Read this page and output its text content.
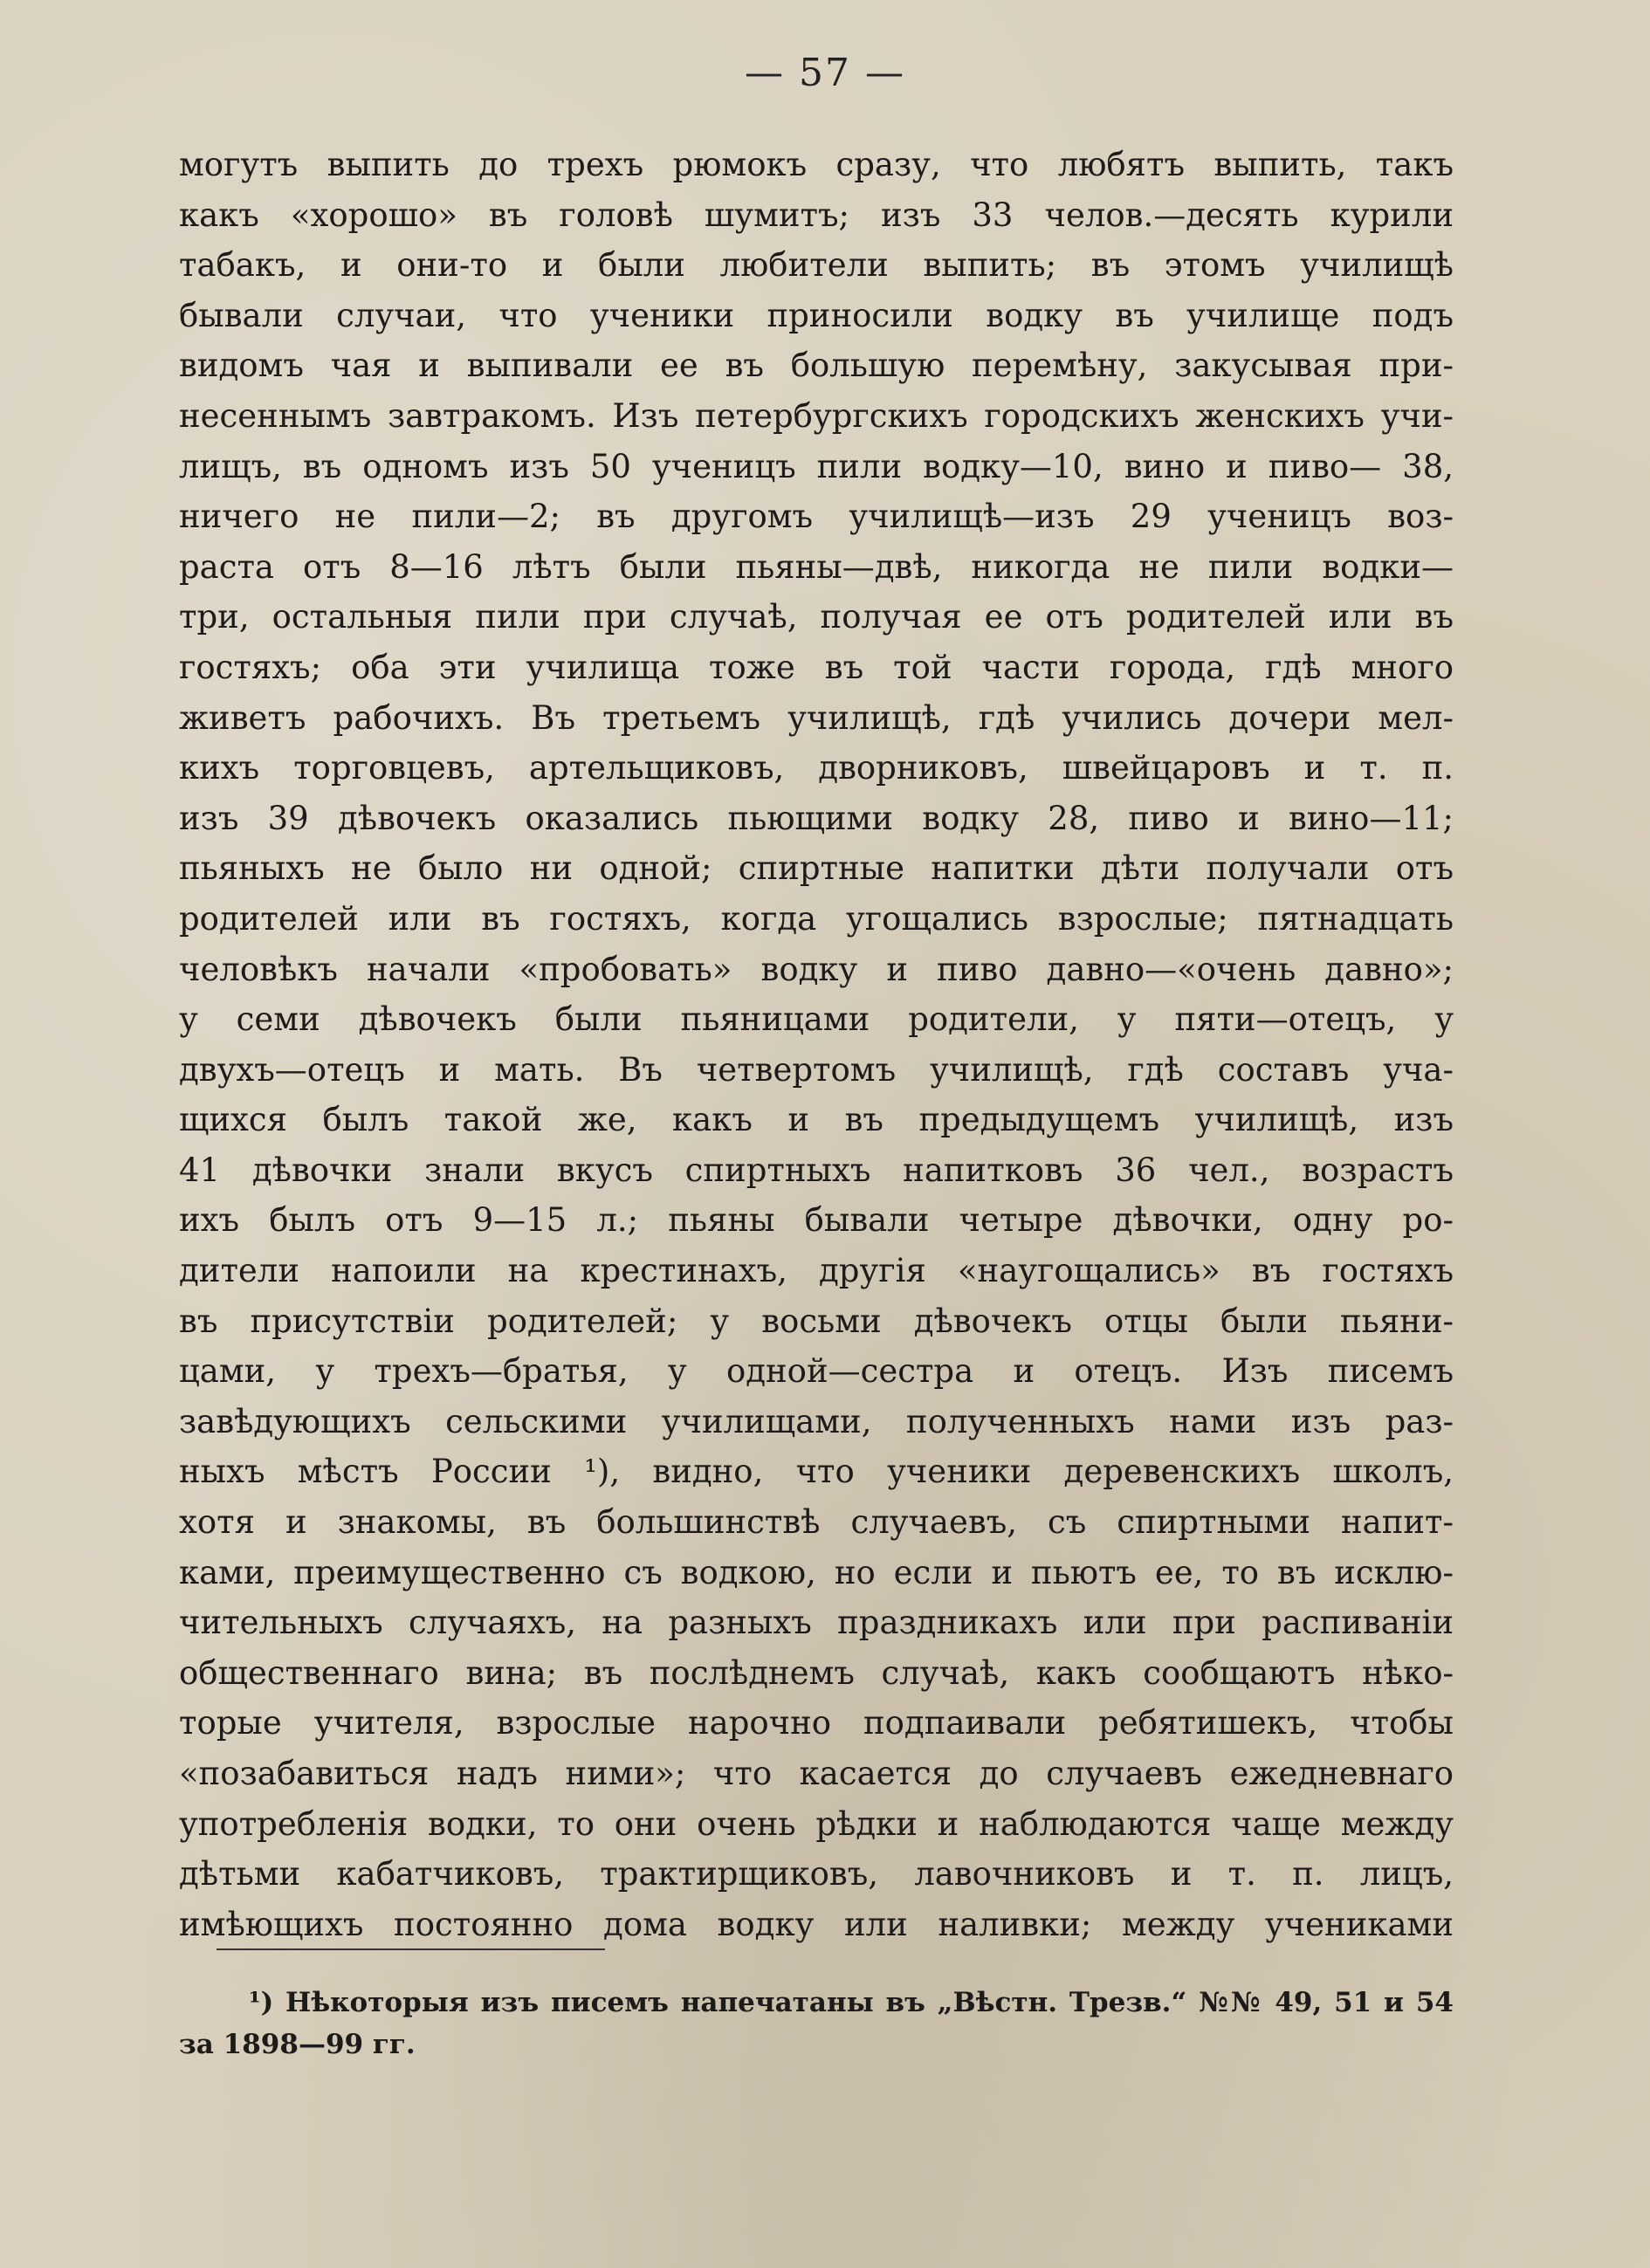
— 57 —
могутъ выпить до трехъ рюмокъ сразу, что любятъ выпить, такъ
какъ «хорошо» въ головѣ шумитъ; изъ 33 челов.—десять курили
табакъ, и они-то и были любители выпить; въ этомъ училищѣ
бывали случаи, что ученики приносили водку въ училище подъ
видомъ чая и выпивали ее въ большую перемѣну, закусывая при-
несеннымъ завтракомъ. Изъ петербургскихъ городскихъ женскихъ учи-
лищъ, въ одномъ изъ 50 ученицъ пили водку—10, вино и пиво— 38,
ничего не пили—2; въ другомъ училищѣ—изъ 29 ученицъ воз-
раста отъ 8—16 лѣтъ были пьяны—двѣ, никогда не пили водки—
три, остальныя пили при случаѣ, получая ее отъ родителей или въ
гостяхъ; оба эти училища тоже въ той части города, гдѣ много
живетъ рабочихъ. Въ третьемъ училищѣ, гдѣ учились дочери мел-
кихъ торговцевъ, артельщиковъ, дворниковъ, швейцаровъ и т. п.
изъ 39 дѣвочекъ оказались пьющими водку 28, пиво и вино—11;
пьяныхъ не было ни одной; спиртные напитки дѣти получали отъ
родителей или въ гостяхъ, когда угощались взрослые; пятнадцать
человѣкъ начали «пробовать» водку и пиво давно—«очень давно»;
у семи дѣвочекъ были пьяницами родители, у пяти—отецъ, у
двухъ—отецъ и мать. Въ четвертомъ училищѣ, гдѣ составъ уча-
щихся былъ такой же, какъ и въ предыдущемъ училищѣ, изъ
41 дѣвочки знали вкусъ спиртныхъ напитковъ 36 чел., возрастъ
ихъ былъ отъ 9—15 л.; пьяны бывали четыре дѣвочки, одну ро-
дители напоили на крестинахъ, другія «наугощались» въ гостяхъ
въ присутствіи родителей; у восьми дѣвочекъ отцы были пьяни-
цами, у трехъ—братья, у одной—сестра и отецъ. Изъ писемъ
завѣдующихъ сельскими училищами, полученныхъ нами изъ раз-
ныхъ мѣстъ России ¹), видно, что ученики деревенскихъ школъ,
хотя и знакомы, въ большинствѣ случаевъ, съ спиртными напит-
ками, преимущественно съ водкою, но если и пьютъ ее, то въ исклю-
чительныхъ случаяхъ, на разныхъ праздникахъ или при распиваніи
общественнаго вина; въ послѣднемъ случаѣ, какъ сообщаютъ нѣко-
торые учителя, взрослые нарочно подпаивали ребятишекъ, чтобы
«позабавиться надъ ними»; что касается до случаевъ ежедневнаго
употребленія водки, то они очень рѣдки и наблюдаются чаще между
дѣтьми кабатчиковъ, трактирщиковъ, лавочниковъ и т. п. лицъ,
имѣющихъ постоянно дома водку или наливки; между учениками
¹) Нѣкоторыя изъ писемъ напечатаны въ „Вѣстн. Трезв.“ №№ 49, 51 и 54
за 1898—99 гг.
